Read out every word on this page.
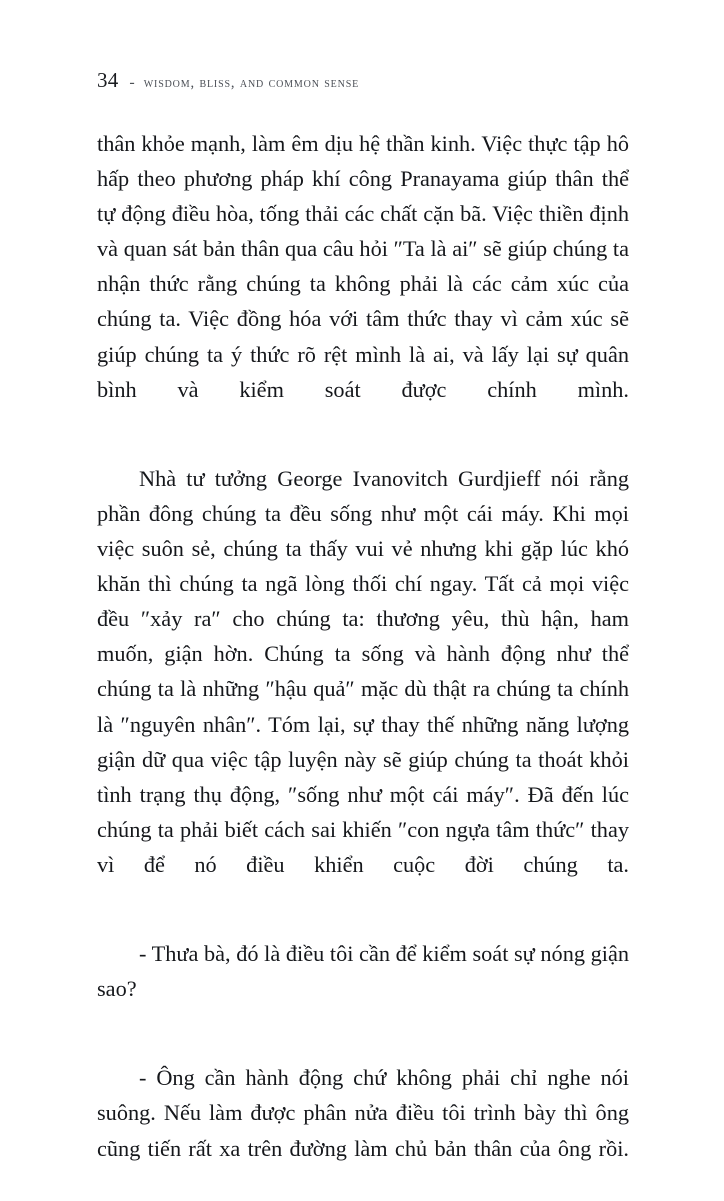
34 - wisdom, bliss, and common sense

thân khỏe mạnh, làm êm dịu hệ thần kinh. Việc thực tập hô hấp theo phương pháp khí công Pranayama giúp thân thể tự động điều hòa, tống thải các chất cặn bã. Việc thiền định và quan sát bản thân qua câu hỏi ″Ta là ai″ sẽ giúp chúng ta nhận thức rằng chúng ta không phải là các cảm xúc của chúng ta. Việc đồng hóa với tâm thức thay vì cảm xúc sẽ giúp chúng ta ý thức rõ rệt mình là ai, và lấy lại sự quân bình và kiểm soát được chính mình.

Nhà tư tưởng George Ivanovitch Gurdjieff nói rằng phần đông chúng ta đều sống như một cái máy. Khi mọi việc suôn sẻ, chúng ta thấy vui vẻ nhưng khi gặp lúc khó khăn thì chúng ta ngã lòng thối chí ngay. Tất cả mọi việc đều ″xảy ra″ cho chúng ta: thương yêu, thù hận, ham muốn, giận hờn. Chúng ta sống và hành động như thể chúng ta là những ″hậu quả″ mặc dù thật ra chúng ta chính là ″nguyên nhân″. Tóm lại, sự thay thế những năng lượng giận dữ qua việc tập luyện này sẽ giúp chúng ta thoát khỏi tình trạng thụ động, ″sống như một cái máy″. Đã đến lúc chúng ta phải biết cách sai khiến ″con ngựa tâm thức″ thay vì để nó điều khiển cuộc đời chúng ta.

- Thưa bà, đó là điều tôi cần để kiểm soát sự nóng giận sao?

- Ông cần hành động chứ không phải chỉ nghe nói suông. Nếu làm được phân nửa điều tôi trình bày thì ông cũng tiến rất xa trên đường làm chủ bản thân của ông rồi.
